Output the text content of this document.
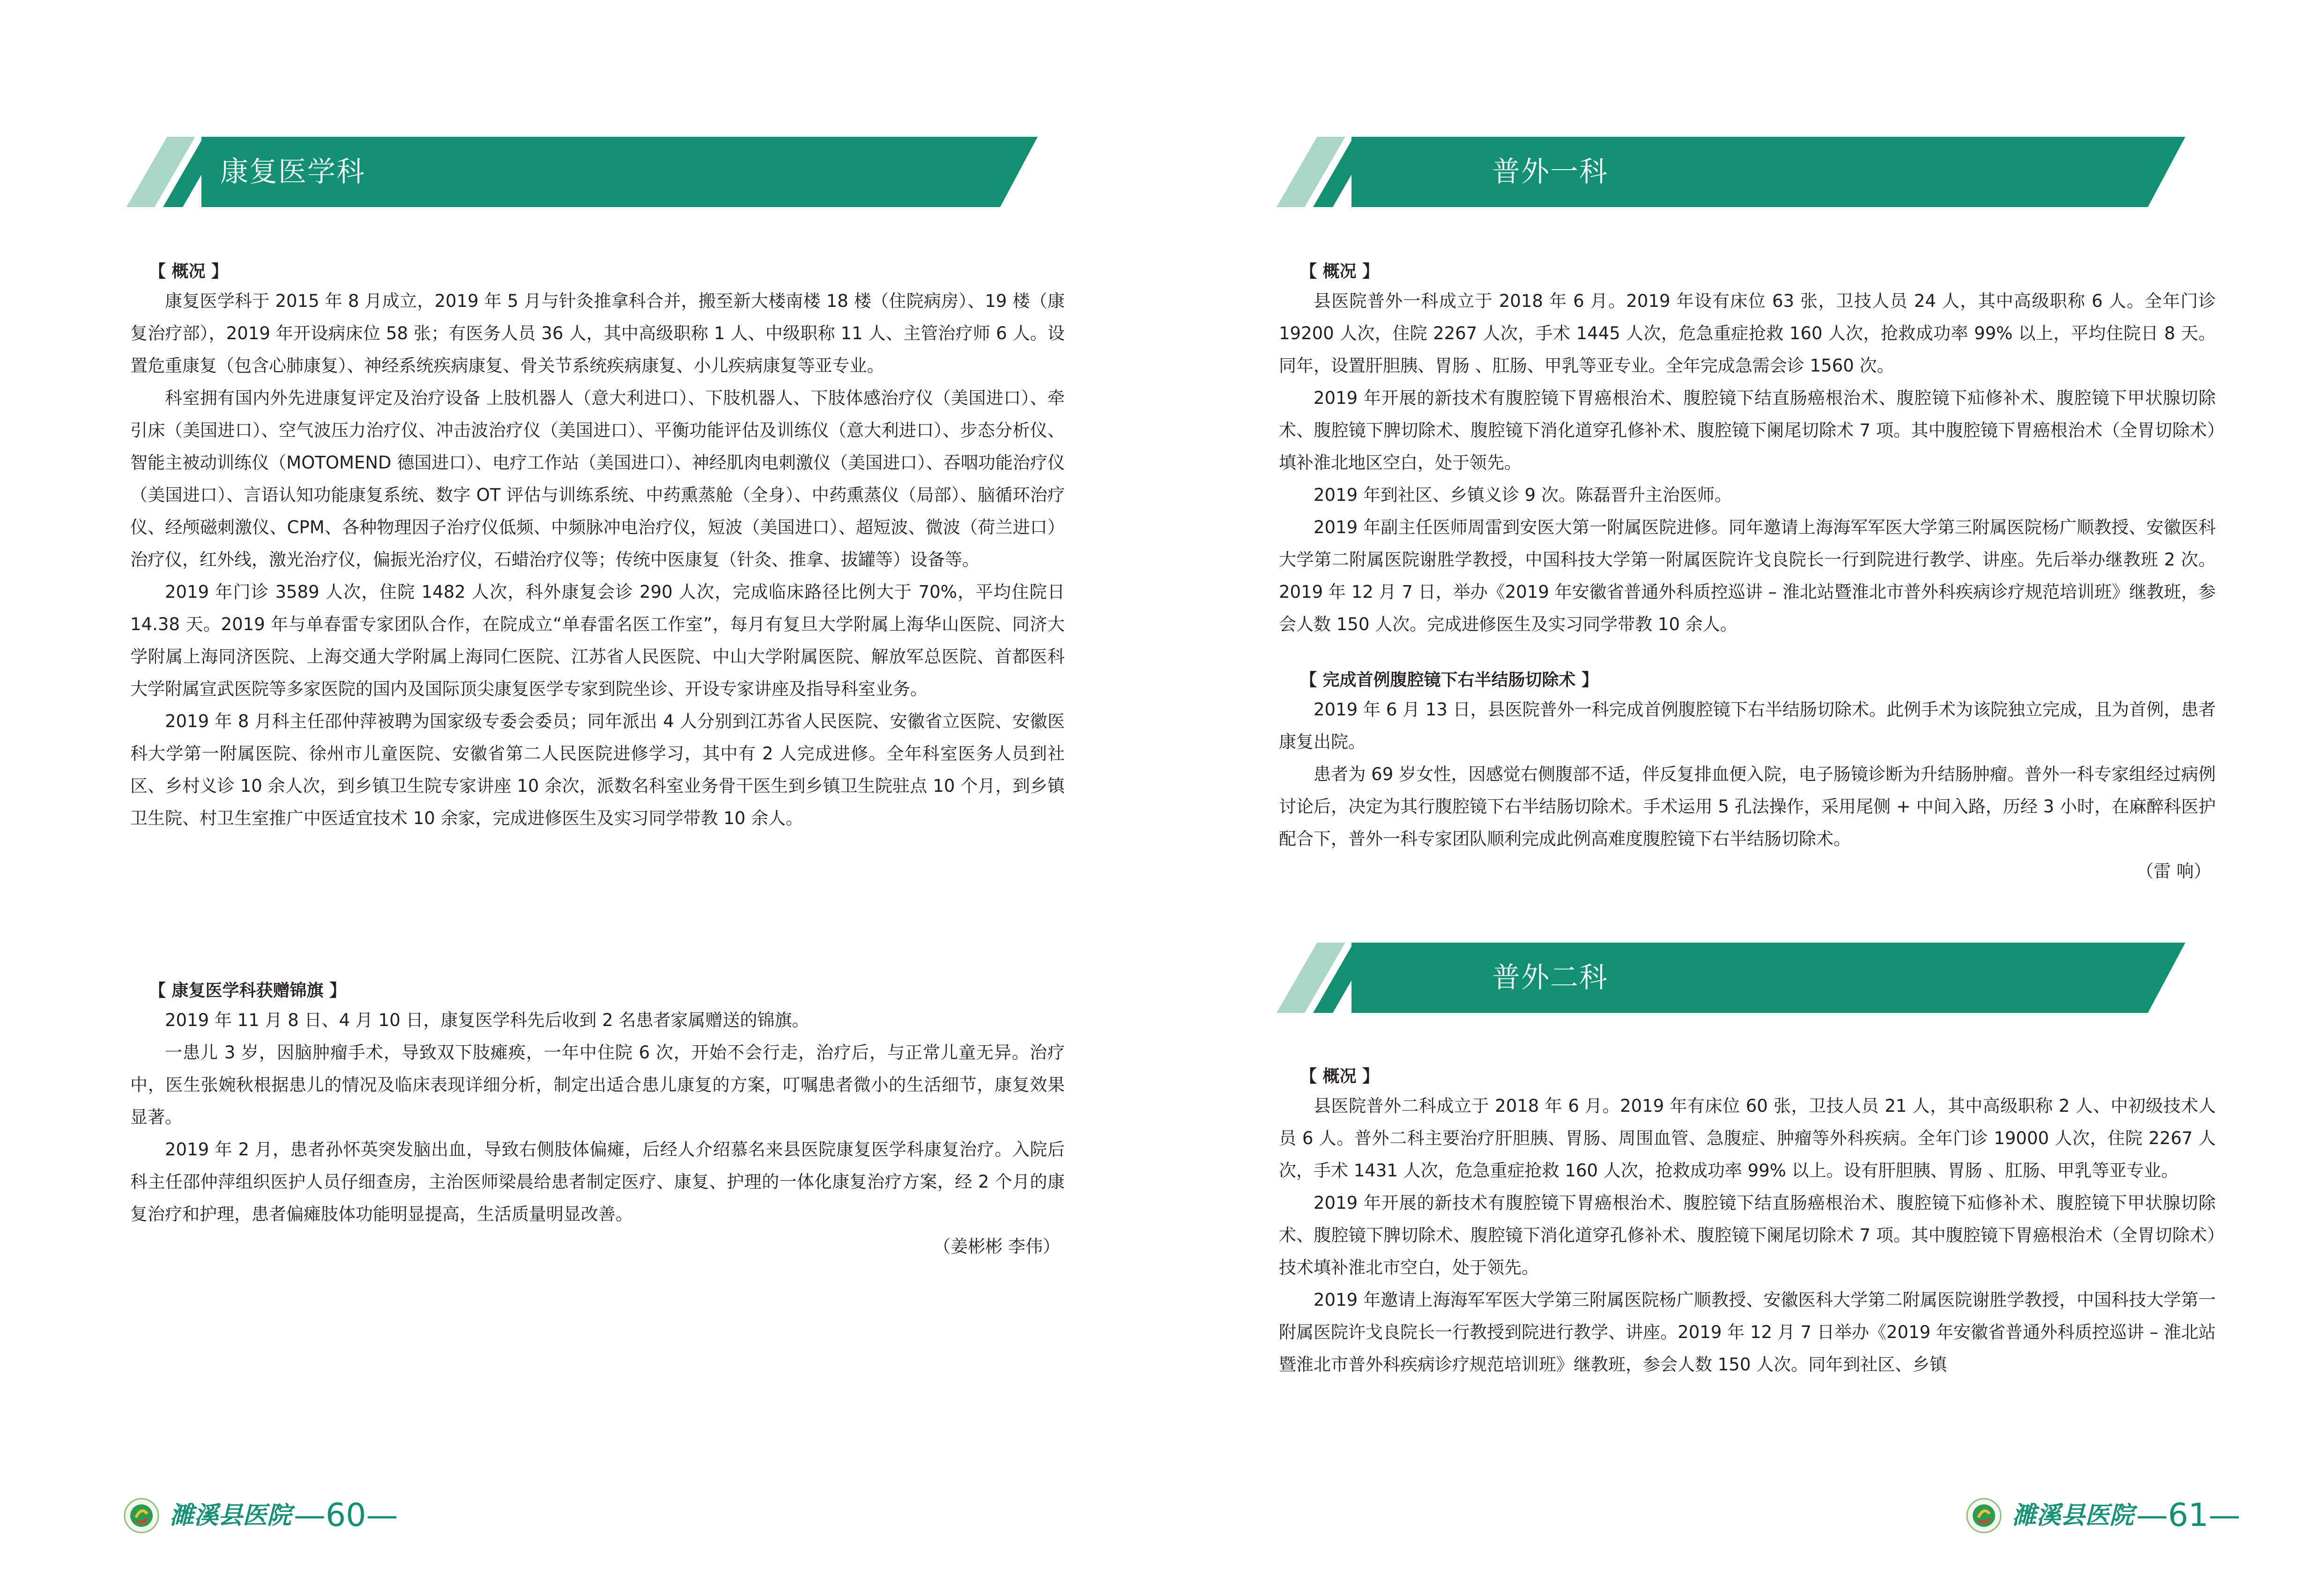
康复医学科
【 概况 】

康复医学科于 2015 年 8 月成立，2019 年 5 月与针灸推拿科合并，搬至新大楼南楼 18 楼（住院病房）、19 楼（康复治疗部），2019 年开设病床位 58 张；有医务人员 36 人，其中高级职称 1 人、中级职称 11 人、主管治疗师 6 人。设置危重康复（包含心肺康复）、神经系统疾病康复、骨关节系统疾病康复、小儿疾病康复等亚专业。

科室拥有国内外先进康复评定及治疗设备 上肢机器人（意大利进口）、下肢机器人、下肢体感治疗仪（美国进口）、牵引床（美国进口）、空气波压力治疗仪、冲击波治疗仪（美国进口）、平衡功能评估及训练仪（意大利进口）、步态分析仪、智能主被动训练仪（MOTOMEND 德国进口）、电疗工作站（美国进口）、神经肌肉电刺激仪（美国进口）、吞咽功能治疗仪（美国进口）、言语认知功能康复系统、数字 OT 评估与训练系统、中药熏蒸舱（全身）、中药熏蒸仪（局部）、脑循环治疗仪、经颅磁刺激仪、CPM、各种物理因子治疗仪低频、中频脉冲电治疗仪，短波（美国进口）、超短波、微波（荷兰进口）治疗仪，红外线，激光治疗仪，偏振光治疗仪，石蜡治疗仪等；传统中医康复（针灸、推拿、拔罐等）设备等。

2019 年门诊 3589 人次，住院 1482 人次，科外康复会诊 290 人次，完成临床路径比例大于 70%，平均住院日 14.38 天。2019 年与单春雷专家团队合作，在院成立“单春雷名医工作室”，每月有复旦大学附属上海华山医院、同济大学附属上海同济医院、上海交通大学附属上海同仁医院、江苏省人民医院、中山大学附属医院、解放军总医院、首都医科大学附属宣武医院等多家医院的国内及国际顶尖康复医学专家到院坐诊、开设专家讲座及指导科室业务。

2019 年 8 月科主任邵仲萍被聘为国家级专委会委员；同年派出 4 人分别到江苏省人民医院、安徽省立医院、安徽医科大学第一附属医院、徐州市儿童医院、安徽省第二人民医院进修学习，其中有 2 人完成进修。全年科室医务人员到社区、乡村义诊 10 余人次，到乡镇卫生院专家讲座 10 余次，派数名科室业务骨干医生到乡镇卫生院驻点 10 个月，到乡镇卫生院、村卫生室推广中医适宜技术 10 余家，完成进修医生及实习同学带教 10 余人。

【 康复医学科获赠锦旗 】

2019 年 11 月 8 日、4 月 10 日，康复医学科先后收到 2 名患者家属赠送的锦旗。

一患儿 3 岁，因脑肿瘤手术，导致双下肢瘫痪，一年中住院 6 次，开始不会行走，治疗后，与正常儿童无异。治疗中，医生张婉秋根据患儿的情况及临床表现详细分析，制定出适合患儿康复的方案，叮嘱患者微小的生活细节，康复效果显著。

2019 年 2 月，患者孙怀英突发脑出血，导致右侧肢体偏瘫，后经人介绍慕名来县医院康复医学科康复治疗。入院后科主任邵仲萍组织医护人员仔细查房，主治医师梁晨给患者制定医疗、康复、护理的一体化康复治疗方案，经 2 个月的康复治疗和护理，患者偏瘫肢体功能明显提高，生活质量明显改善。

（姜彬彬 李伟）

濉溪县医院 —60—
普外一科
【 概况 】

县医院普外一科成立于 2018 年 6 月。2019 年设有床位 63 张，卫技人员 24 人，其中高级职称 6 人。全年门诊 19200 人次，住院 2267 人次，手术 1445 人次，危急重症抢救 160 人次，抢救成功率 99% 以上，平均住院日 8 天。同年，设置肝胆胰、胃肠 、肛肠、甲乳等亚专业。全年完成急需会诊 1560 次。

2019 年开展的新技术有腹腔镜下胃癌根治术、腹腔镜下结直肠癌根治术、腹腔镜下疝修补术、腹腔镜下甲状腺切除术、腹腔镜下脾切除术、腹腔镜下消化道穿孔修补术、腹腔镜下阑尾切除术 7 项。其中腹腔镜下胃癌根治术（全胃切除术）填补淮北地区空白，处于领先。

2019 年到社区、乡镇义诊 9 次。陈磊晋升主治医师。

2019 年副主任医师周雷到安医大第一附属医院进修。同年邀请上海海军军医大学第三附属医院杨广顺教授、安徽医科大学第二附属医院谢胜学教授，中国科技大学第一附属医院许戈良院长一行到院进行教学、讲座。先后举办继教班 2 次。2019 年 12 月 7 日，举办《2019 年安徽省普通外科质控巡讲 – 淮北站暨淮北市普外科疾病诊疗规范培训班》继教班，参会人数 150 人次。完成进修医生及实习同学带教 10 余人。

【 完成首例腹腔镜下右半结肠切除术 】

2019 年 6 月 13 日，县医院普外一科完成首例腹腔镜下右半结肠切除术。此例手术为该院独立完成，且为首例，患者康复出院。

患者为 69 岁女性，因感觉右侧腹部不适，伴反复排血便入院，电子肠镜诊断为升结肠肿瘤。普外一科专家组经过病例讨论后，决定为其行腹腔镜下右半结肠切除术。手术运用 5 孔法操作，采用尾侧 + 中间入路，历经 3 小时，在麻醉科医护配合下，普外一科专家团队顺利完成此例高难度腹腔镜下右半结肠切除术。

（雷 响）

普外二科
【 概况 】

县医院普外二科成立于 2018 年 6 月。2019 年有床位 60 张，卫技人员 21 人，其中高级职称 2 人、中初级技术人员 6 人。普外二科主要治疗肝胆胰、胃肠、周围血管、急腹症、肿瘤等外科疾病。全年门诊 19000 人次，住院 2267 人次，手术 1431 人次，危急重症抢救 160 人次，抢救成功率 99% 以上。设有肝胆胰、胃肠 、肛肠、甲乳等亚专业。

2019 年开展的新技术有腹腔镜下胃癌根治术、腹腔镜下结直肠癌根治术、腹腔镜下疝修补术、腹腔镜下甲状腺切除术、腹腔镜下脾切除术、腹腔镜下消化道穿孔修补术、腹腔镜下阑尾切除术 7 项。其中腹腔镜下胃癌根治术（全胃切除术）技术填补淮北市空白，处于领先。

2019 年邀请上海海军军医大学第三附属医院杨广顺教授、安徽医科大学第二附属医院谢胜学教授，中国科技大学第一附属医院许戈良院长一行教授到院进行教学、讲座。2019 年 12 月 7 日举办《2019 年安徽省普通外科质控巡讲 – 淮北站暨淮北市普外科疾病诊疗规范培训班》继教班，参会人数 150 人次。同年到社区、乡镇

濉溪县医院 —61—
